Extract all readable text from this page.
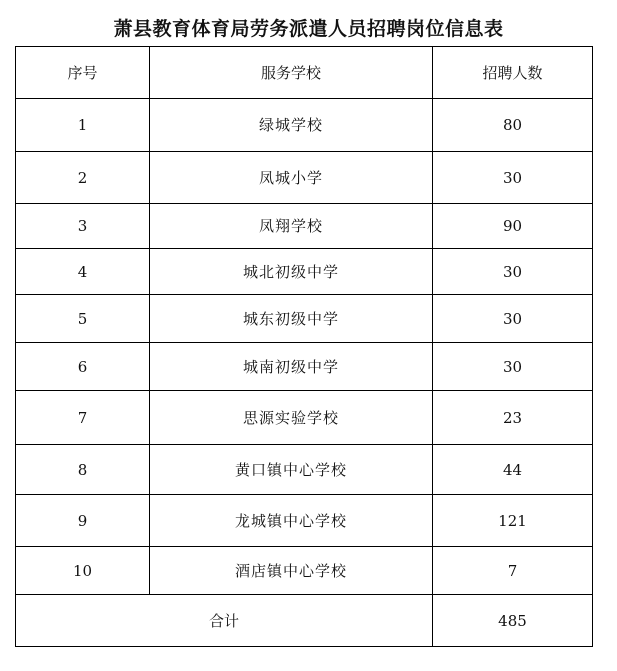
萧县教育体育局劳务派遣人员招聘岗位信息表
序号	服务学校	招聘人数
1	绿城学校	80
2	凤城小学	30
3	凤翔学校	90
4	城北初级中学	30
5	城东初级中学	30
6	城南初级中学	30
7	思源实验学校	23
8	黄口镇中心学校	44
9	龙城镇中心学校	121
10	酒店镇中心学校	7
合计		485
